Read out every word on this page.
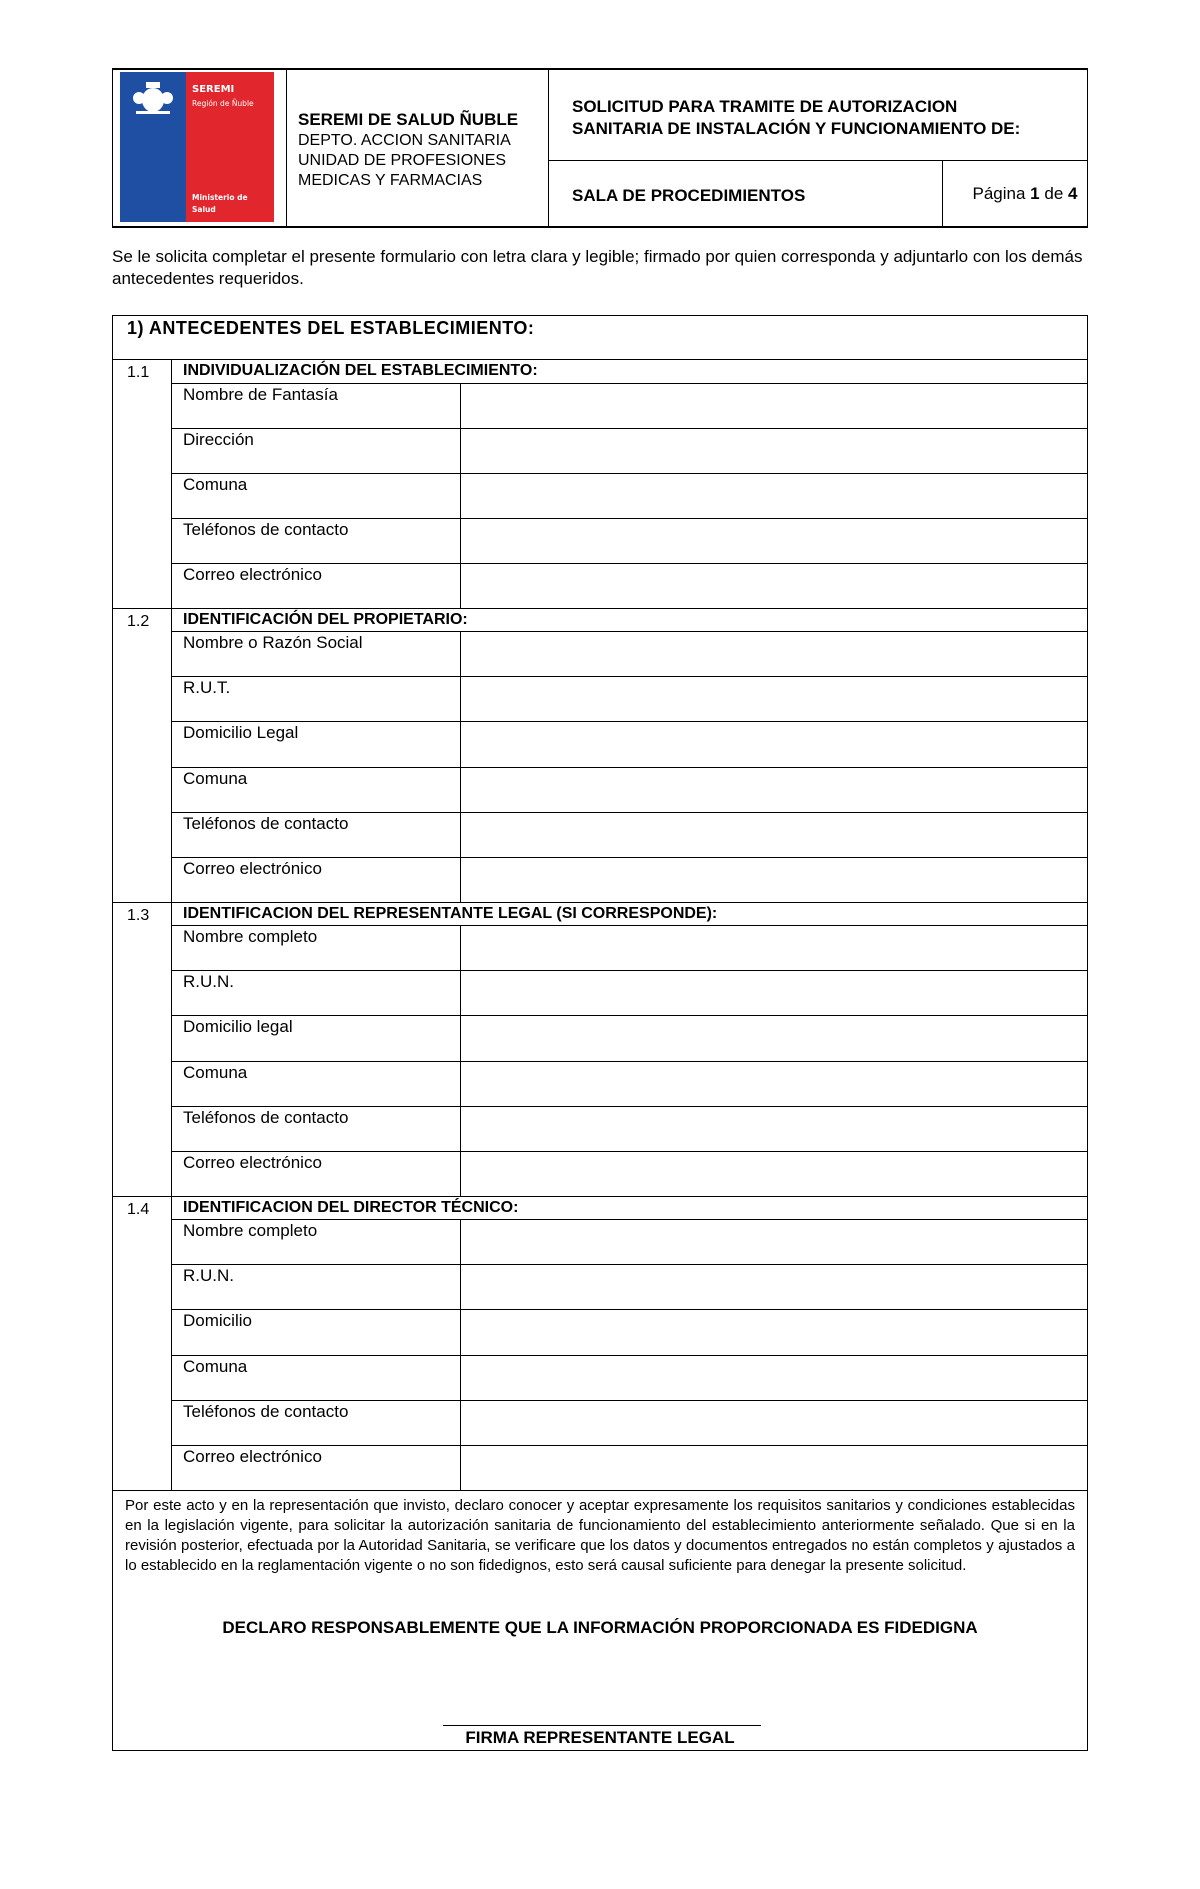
SEREMI
Región de Ñuble
Ministerio de
Salud
SEREMI DE SALUD ÑUBLE
DEPTO. ACCION SANITARIA
UNIDAD DE PROFESIONES
MEDICAS Y FARMACIAS
SOLICITUD PARA TRAMITE DE AUTORIZACION
SANITARIA DE INSTALACIÓN Y FUNCIONAMIENTO DE:
SALA DE PROCEDIMIENTOS	Página 1 de 4
Se le solicita completar el presente formulario con letra clara y legible; firmado por quien corresponda y adjuntarlo con los demás antecedentes requeridos.
1) ANTECEDENTES DEL ESTABLECIMIENTO:
1.1 INDIVIDUALIZACIÓN DEL ESTABLECIMIENTO:
Nombre de Fantasía
Dirección
Comuna
Teléfonos de contacto
Correo electrónico
1.2 IDENTIFICACIÓN DEL PROPIETARIO:
Nombre o Razón Social
R.U.T.
Domicilio Legal
Comuna
Teléfonos de contacto
Correo electrónico
1.3 IDENTIFICACION DEL REPRESENTANTE LEGAL (SI CORRESPONDE):
Nombre completo
R.U.N.
Domicilio legal
Comuna
Teléfonos de contacto
Correo electrónico
1.4 IDENTIFICACION DEL DIRECTOR TÉCNICO:
Nombre completo
R.U.N.
Domicilio
Comuna
Teléfonos de contacto
Correo electrónico
Por este acto y en la representación que invisto, declaro conocer y aceptar expresamente los requisitos sanitarios y condiciones establecidas en la legislación vigente, para solicitar la autorización sanitaria de funcionamiento del establecimiento anteriormente señalado. Que si en la revisión posterior, efectuada por la Autoridad Sanitaria, se verificare que los datos y documentos entregados no están completos y ajustados a lo establecido en la reglamentación vigente o no son fidedignos, esto será causal suficiente para denegar la presente solicitud.
DECLARO RESPONSABLEMENTE QUE LA INFORMACIÓN PROPORCIONADA ES FIDEDIGNA
FIRMA REPRESENTANTE LEGAL
